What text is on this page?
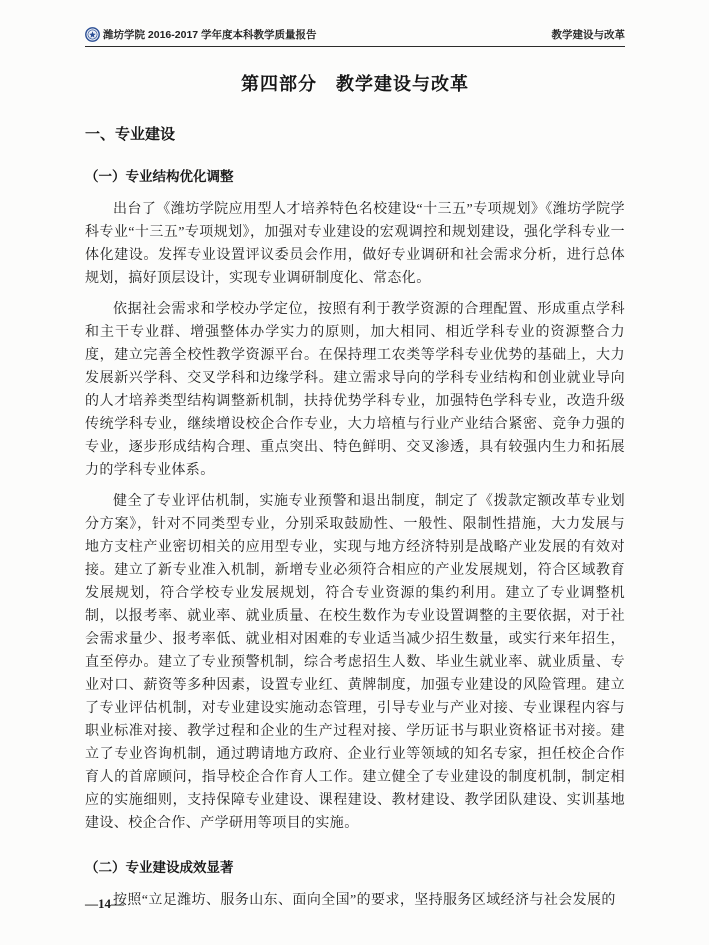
潍坊学院 2016-2017 学年度本科教学质量报告	教学建设与改革
第四部分　教学建设与改革
一、专业建设
（一）专业结构优化调整

出台了《潍坊学院应用型人才培养特色名校建设“十三五”专项规划》《潍坊学院学科专业“十三五”专项规划》，加强对专业建设的宏观调控和规划建设，强化学科专业一体化建设。发挥专业设置评议委员会作用，做好专业调研和社会需求分析，进行总体规划，搞好顶层设计，实现专业调研制度化、常态化。

依据社会需求和学校办学定位，按照有利于教学资源的合理配置、形成重点学科和主干专业群、增强整体办学实力的原则，加大相同、相近学科专业的资源整合力度，建立完善全校性教学资源平台。在保持理工农类等学科专业优势的基础上，大力发展新兴学科、交叉学科和边缘学科。建立需求导向的学科专业结构和创业就业导向的人才培养类型结构调整新机制，扶持优势学科专业，加强特色学科专业，改造升级传统学科专业，继续增设校企合作专业，大力培植与行业产业结合紧密、竞争力强的专业，逐步形成结构合理、重点突出、特色鲜明、交叉渗透，具有较强内生力和拓展力的学科专业体系。

健全了专业评估机制，实施专业预警和退出制度，制定了《拨款定额改革专业划分方案》，针对不同类型专业，分别采取鼓励性、一般性、限制性措施，大力发展与地方支柱产业密切相关的应用型专业，实现与地方经济特别是战略产业发展的有效对接。建立了新专业准入机制，新增专业必须符合相应的产业发展规划，符合区域教育发展规划，符合学校专业发展规划，符合专业资源的集约利用。建立了专业调整机制，以报考率、就业率、就业质量、在校生数作为专业设置调整的主要依据，对于社会需求量少、报考率低、就业相对困难的专业适当减少招生数量，或实行来年招生，直至停办。建立了专业预警机制，综合考虑招生人数、毕业生就业率、就业质量、专业对口、薪资等多种因素，设置专业红、黄牌制度，加强专业建设的风险管理。建立了专业评估机制，对专业建设实施动态管理，引导专业与产业对接、专业课程内容与职业标准对接、教学过程和企业的生产过程对接、学历证书与职业资格证书对接。建立了专业咨询机制，通过聘请地方政府、企业行业等领域的知名专家，担任校企合作育人的首席顾问，指导校企合作育人工作。建立健全了专业建设的制度机制，制定相应的实施细则，支持保障专业建设、课程建设、教材建设、教学团队建设、实训基地建设、校企合作、产学研用等项目的实施。

（二）专业建设成效显著

按照“立足潍坊、服务山东、面向全国”的要求，坚持服务区域经济与社会发展的

—14—
